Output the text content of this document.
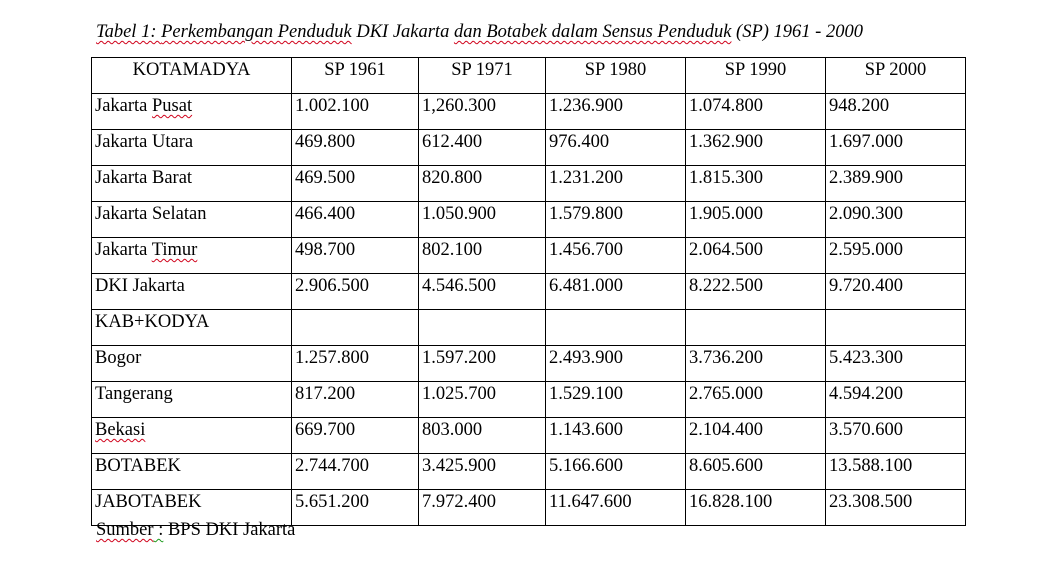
Tabel 1: Perkembangan Penduduk DKI Jakarta dan Botabek dalam Sensus Penduduk (SP) 1961 - 2000
KOTAMADYA	SP 1961	SP 1971	SP 1980	SP 1990	SP 2000
Jakarta Pusat	1.002.100	1,260.300	1.236.900	1.074.800	948.200
Jakarta Utara	469.800	612.400	976.400	1.362.900	1.697.000
Jakarta Barat	469.500	820.800	1.231.200	1.815.300	2.389.900
Jakarta Selatan	466.400	1.050.900	1.579.800	1.905.000	2.090.300
Jakarta Timur	498.700	802.100	1.456.700	2.064.500	2.595.000
DKI Jakarta	2.906.500	4.546.500	6.481.000	8.222.500	9.720.400
KAB+KODYA					
Bogor	1.257.800	1.597.200	2.493.900	3.736.200	5.423.300
Tangerang	817.200	1.025.700	1.529.100	2.765.000	4.594.200
Bekasi	669.700	803.000	1.143.600	2.104.400	3.570.600
BOTABEK	2.744.700	3.425.900	5.166.600	8.605.600	13.588.100
JABOTABEK	5.651.200	7.972.400	11.647.600	16.828.100	23.308.500
Sumber : BPS DKI Jakarta
